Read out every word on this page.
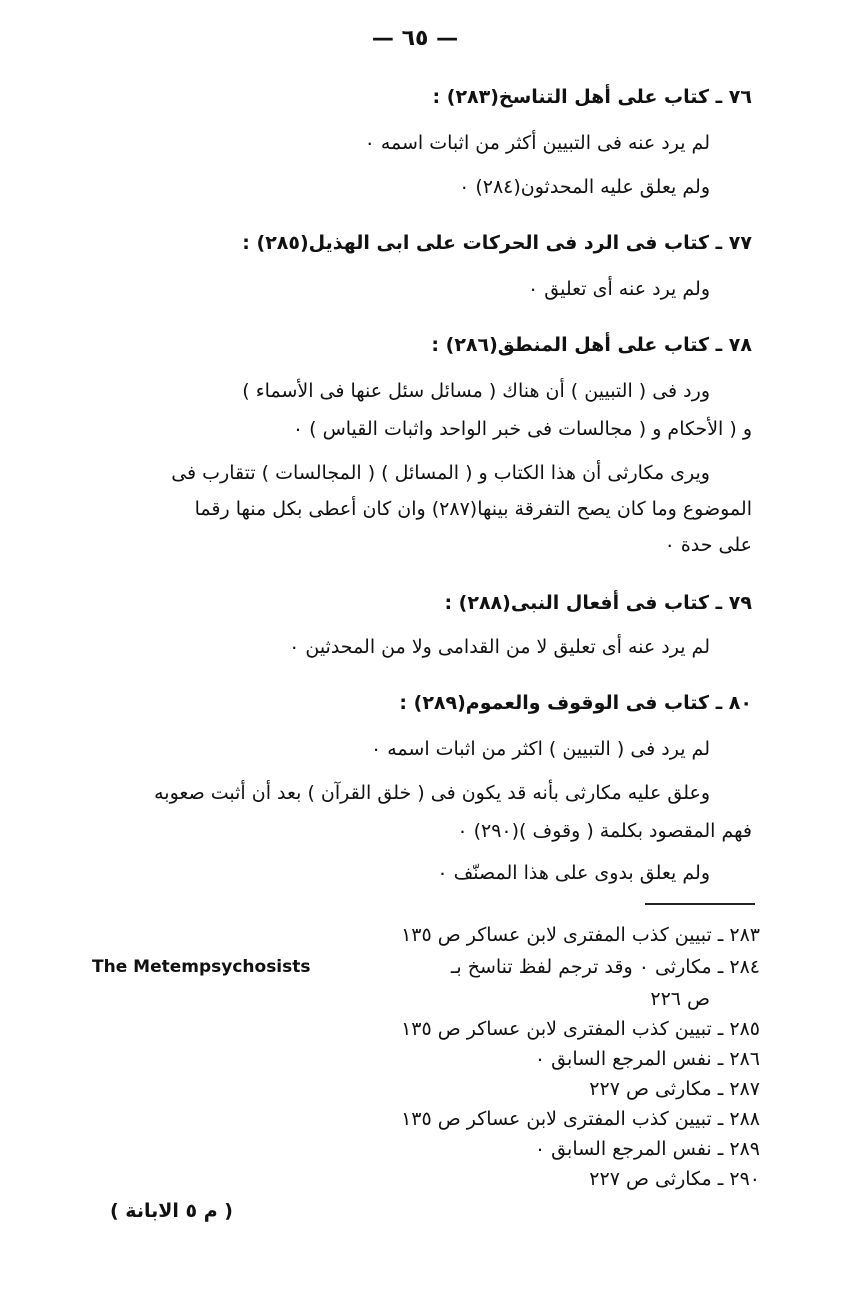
— ٦٥ —
٧٦ ـ كتاب على أهل التناسخ(٢٨٣) :
لم يرد عنه فى التبيين أكثر من اثبات اسمه ٠
ولم يعلق عليه المحدثون(٢٨٤) ٠
٧٧ ـ كتاب فى الرد فى الحركات على ابى الهذيل(٢٨٥) :
ولم يرد عنه أى تعليق ٠
٧٨ ـ كتاب على أهل المنطق(٢٨٦) :
ورد فى ( التبيين ) أن هناك ( مسائل سئل عنها فى الأسماء )
و ( الأحكام و ( مجالسات فى خبر الواحد واثبات القياس ) ٠
ويرى مكارثى أن هذا الكتاب و ( المسائل ) ( المجالسات ) تتقارب فى
الموضوع وما كان يصح التفرقة بينها(٢٨٧) وان كان أعطى بكل منها رقما
على حدة ٠
٧٩ ـ كتاب فى أفعال النبى(٢٨٨) :
لم يرد عنه أى تعليق لا من القدامى ولا من المحدثين ٠
٨٠ ـ كتاب فى الوقوف والعموم(٢٨٩) :
لم يرد فى ( التبيين ) اكثر من اثبات اسمه ٠
وعلق عليه مكارثى بأنه قد يكون فى ( خلق القرآن ) بعد أن أثبت صعوبه
فهم المقصود بكلمة ( وقوف )(٢٩٠) ٠
ولم يعلق بدوى على هذا المصنّف ٠
٢٨٣ ـ تبيين كذب المفترى لابن عساكر ص ١٣٥
٢٨٤ ـ مكارثى ٠ وقد ترجم لفظ تناسخ بـ
The Metempsychosists
ص ٢٢٦
٢٨٥ ـ تبيين كذب المفترى لابن عساكر ص ١٣٥
٢٨٦ ـ نفس المرجع السابق ٠
٢٨٧ ـ مكارثى ص ٢٢٧
٢٨٨ ـ تبيين كذب المفترى لابن عساكر ص ١٣٥
٢٨٩ ـ نفس المرجع السابق ٠
٢٩٠ ـ مكارثى ص ٢٢٧
( م ٥ الابانة )
